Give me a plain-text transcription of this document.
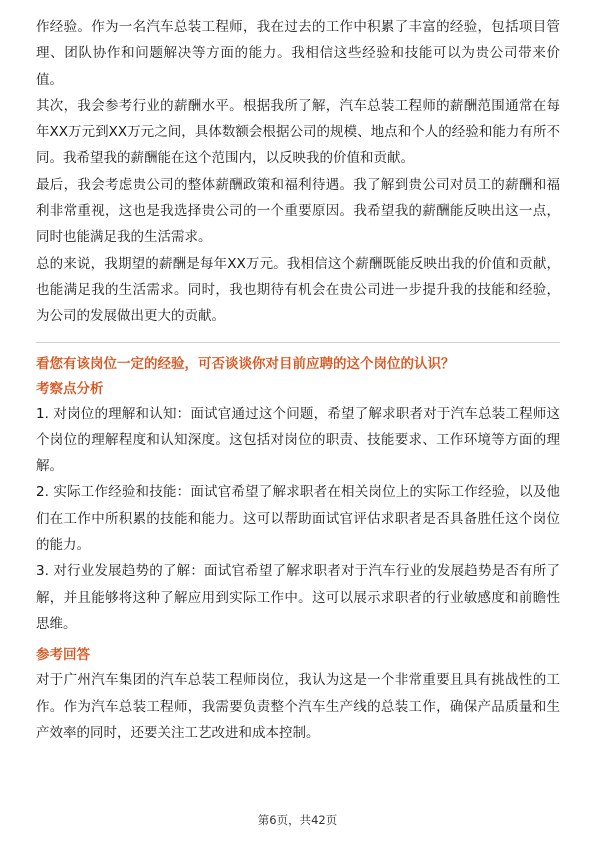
作经验。作为一名汽车总装工程师，我在过去的工作中积累了丰富的经验，包括项目管理、团队协作和问题解决等方面的能力。我相信这些经验和技能可以为贵公司带来价值。

其次，我会参考行业的薪酬水平。根据我所了解，汽车总装工程师的薪酬范围通常在每年XX万元到XX万元之间，具体数额会根据公司的规模、地点和个人的经验和能力有所不同。我希望我的薪酬能在这个范围内，以反映我的价值和贡献。

最后，我会考虑贵公司的整体薪酬政策和福利待遇。我了解到贵公司对员工的薪酬和福利非常重视，这也是我选择贵公司的一个重要原因。我希望我的薪酬能反映出这一点，同时也能满足我的生活需求。

总的来说，我期望的薪酬是每年XX万元。我相信这个薪酬既能反映出我的价值和贡献，也能满足我的生活需求。同时，我也期待有机会在贵公司进一步提升我的技能和经验，为公司的发展做出更大的贡献。

看您有该岗位一定的经验，可否谈谈你对目前应聘的这个岗位的认识？

考察点分析

1. 对岗位的理解和认知：面试官通过这个问题，希望了解求职者对于汽车总装工程师这个岗位的理解程度和认知深度。这包括对岗位的职责、技能要求、工作环境等方面的理解。

2. 实际工作经验和技能：面试官希望了解求职者在相关岗位上的实际工作经验，以及他们在工作中所积累的技能和能力。这可以帮助面试官评估求职者是否具备胜任这个岗位的能力。

3. 对行业发展趋势的了解：面试官希望了解求职者对于汽车行业的发展趋势是否有所了解，并且能够将这种了解应用到实际工作中。这可以展示求职者的行业敏感度和前瞻性思维。

参考回答

对于广州汽车集团的汽车总装工程师岗位，我认为这是一个非常重要且具有挑战性的工作。作为汽车总装工程师，我需要负责整个汽车生产线的总装工作，确保产品质量和生产效率的同时，还要关注工艺改进和成本控制。

第6页，共42页
